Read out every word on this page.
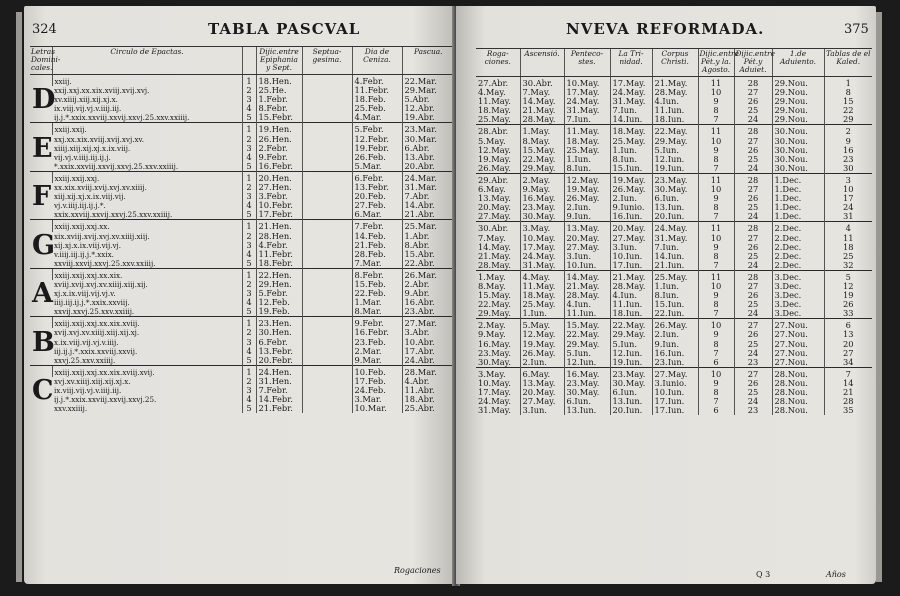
324	TABLA PASCVAL
Letras Domini-cales.	Circulo de Epactas.		Dijic.entre Epiphania y Sept.	Septua-gesima.	Dia de Ceniza.	Pascua.
D	xxiij.	1	18.Hen.		4.Febr.	22.Mar.
	xxij.xxj.xx.xix.xviij.xvij.xvj.	2	25.He.		11.Febr.	29.Mar.
	xv.xiiij.xiij.xij.xj.x.	3	1.Febr.		18.Feb.	5.Abr.
	ix.viij.vij.vj.v.iiij.iij.	4	8.Febr.		25.Feb.	12.Abr.
	ij.j.*.xxix.xxviij.xxvij.xxvj.25.xxv.xxiiij.	5	15.Febr.		4.Mar.	19.Abr.
E	xxiij.xxij.	1	19.Hen.		5.Febr.	23.Mar.
	xxj.xx.xix.xviij.xvij.xvj.xv.	2	26.Hen.		12.Febr.	30.Mar.
	xiiij.xiij.xij.xj.x.ix.viij.	3	2.Febr.		19.Febr.	6.Abr.
	vij.vj.v.iiij.iij.ij.j.	4	9.Febr.		26.Feb.	13.Abr.
	*.xxix.xxviij.xxvij.xxvj.25.xxv.xxiiij.	5	16.Febr.		5.Mar.	20.Abr.
F	xxiij.xxij.xxj.	1	20.Hen.		6.Febr.	24.Mar.
	xx.xix.xviij.xvij.xvj.xv.xiiij.	2	27.Hen.		13.Febr.	31.Mar.
	xiij.xij.xj.x.ix.viij.vij.	3	3.Febr.		20.Feb.	7.Abr.
	vj.v.iiij.iij.ij.j.*.	4	10.Febr.		27.Feb.	14.Abr.
	xxix.xxviij.xxvij.xxvj.25.xxv.xxiiij.	5	17.Febr.		6.Mar.	21.Abr.
G	xxiij.xxij.xxj.xx.	1	21.Hen.		7.Febr.	25.Mar.
	xix.xviij.xvij.xvj.xv.xiiij.xiij.	2	28.Hen.		14.Feb.	1.Abr.
	xij.xj.x.ix.viij.vij.vj.	3	4.Febr.		21.Feb.	8.Abr.
	v.iiij.iij.ij.j.*.xxix.	4	11.Febr.		28.Feb.	15.Abr.
	xxviij.xxvij.xxvj.25.xxv.xxiiij.	5	18.Febr.		7.Mar.	22.Abr.
A	xxiij.xxij.xxj.xx.xix.	1	22.Hen.		8.Febr.	26.Mar.
	xviij.xvij.xvj.xv.xiiij.xiij.xij.	2	29.Hen.		15.Feb.	2.Abr.
	xj.x.ix.viij.vij.vj.v.	3	5.Febr.		22.Feb.	9.Abr.
	iiij.iij.ij.j.*.xxix.xxviij.	4	12.Feb.		1.Mar.	16.Abr.
	xxvij.xxvj.25.xxv.xxiiij.	5	19.Feb.		8.Mar.	23.Abr.
B	xxiij.xxij.xxj.xx.xix.xviij.	1	23.Hen.		9.Febr.	27.Mar.
	xvij.xvj.xv.xiiij.xiij.xij.xj.	2	30.Hen.		16.Febr.	3.Abr.
	x.ix.viij.vij.vj.v.iiij.	3	6.Febr.		23.Feb.	10.Abr.
	iij.ij.j.*.xxix.xxviij.xxvij.	4	13.Febr.		2.Mar.	17.Abr.
	xxvj.25.xxv.xxiiij.	5	20.Febr.		9.Mar.	24.Abr.
C	xxiij.xxij.xxj.xx.xix.xviij.xvij.	1	24.Hen.		10.Feb.	28.Mar.
	xvj.xv.xiiij.xiij.xij.xj.x.	2	31.Hen.		17.Feb.	4.Abr.
	ix.viij.vij.vj.v.iiij.iij.	3	7.Febr.		24.Feb.	11.Abr.
	ij.j.*.xxix.xxviij.xxvij.xxvj.25.	4	14.Febr.		3.Mar.	18.Abr.
	xxv.xxiiij.	5	21.Febr.		10.Mar.	25.Abr.
Rogaciones
NVEVA REFORMADA.	375
Roga-ciones.	Ascensió.	Penteco-stes.	La Tri-nidad.	Corpus Christi.	Dijic.entre Pét.y la. Agosto.	Dijic.entre Pét.y Aduiet.	1.de Aduiento.	Tablas de el Kaled.
27.Abr.	30.Abr.	10.May.	17.May.	21.May.	11	28	29.Nou.	1
4.May.	7.May.	17.May.	24.May.	28.May.	10	27	29.Nou.	8
11.May.	14.May.	24.May.	31.May.	4.Iun.	9	26	29.Nou.	15
18.May.	21.May.	31.May.	7.Iun.	11.Iun.	8	25	29.Nou.	22
25.May.	28.May.	7.Iun.	14.Iun.	18.Iun.	7	24	29.Nou.	29
28.Abr.	1.May.	11.May.	18.May.	22.May.	11	28	30.Nou.	2
5.May.	8.May.	18.May.	25.May.	29.May.	10	27	30.Nou.	9
12.May.	15.May.	25.May.	1.Iun.	5.Iun.	9	26	30.Nou.	16
19.May.	22.May.	1.Iun.	8.Iun.	12.Iun.	8	25	30.Nou.	23
26.May.	29.May.	8.Iun.	15.Iun.	19.Iun.	7	24	30.Nou.	30
29.Abr.	2.May.	12.May.	19.May.	23.May.	11	28	1.Dec.	3
6.May.	9.May.	19.May.	26.May.	30.May.	10	27	1.Dec.	10
13.May.	16.May.	26.May.	2.Iun.	6.Iun.	9	26	1.Dec.	17
20.May.	23.May.	2.Iun.	9.Iunio.	13.Iun.	8	25	1.Dec.	24
27.May.	30.May.	9.Iun.	16.Iun.	20.Iun.	7	24	1.Dec.	31
30.Abr.	3.May.	13.May.	20.May.	24.May.	11	28	2.Dec.	4
7.May.	10.May.	20.May.	27.May.	31.May.	10	27	2.Dec.	11
14.May.	17.May.	27.May.	3.Iun.	7.Iun.	9	26	2.Dec.	18
21.May.	24.May.	3.Iun.	10.Iun.	14.Iun.	8	25	2.Dec.	25
28.May.	31.May.	10.Iun.	17.Iun.	21.Iun.	7	24	2.Dec.	32
1.May.	4.May.	14.May.	21.May.	25.May.	11	28	3.Dec.	5
8.May.	11.May.	21.May.	28.May.	1.Iun.	10	27	3.Dec.	12
15.May.	18.May.	28.May.	4.Iun.	8.Iun.	9	26	3.Dec.	19
22.May.	25.May.	4.Iun.	11.Iun.	15.Iun.	8	25	3.Dec.	26
29.May.	1.Iun.	11.Iun.	18.Iun.	22.Iun.	7	24	3.Dec.	33
2.May.	5.May.	15.May.	22.May.	26.May.	10	27	27.Nou.	6
9.May.	12.May.	22.May.	29.May.	2.Iun.	9	26	27.Nou.	13
16.May.	19.May.	29.May.	5.Iun.	9.Iun.	8	25	27.Nou.	20
23.May.	26.May.	5.Iun.	12.Iun.	16.Iun.	7	24	27.Nou.	27
30.May.	2.Iun.	12.Iun.	19.Iun.	23.Iun.	6	23	27.Nou.	34
3.May.	6.May.	16.May.	23.May.	27.May.	10	27	28.Nou.	7
10.May.	13.May.	23.May.	30.May.	3.Iunio.	9	26	28.Nou.	14
17.May.	20.May.	30.May.	6.Iun.	10.Iun.	8	25	28.Nou.	21
24.May.	27.May.	6.Iun.	13.Iun.	17.Iun.	7	24	28.Nou.	28
31.May.	3.Iun.	13.Iun.	20.Iun.	17.Iun.	6	23	28.Nou.	35
Q 3	Años
